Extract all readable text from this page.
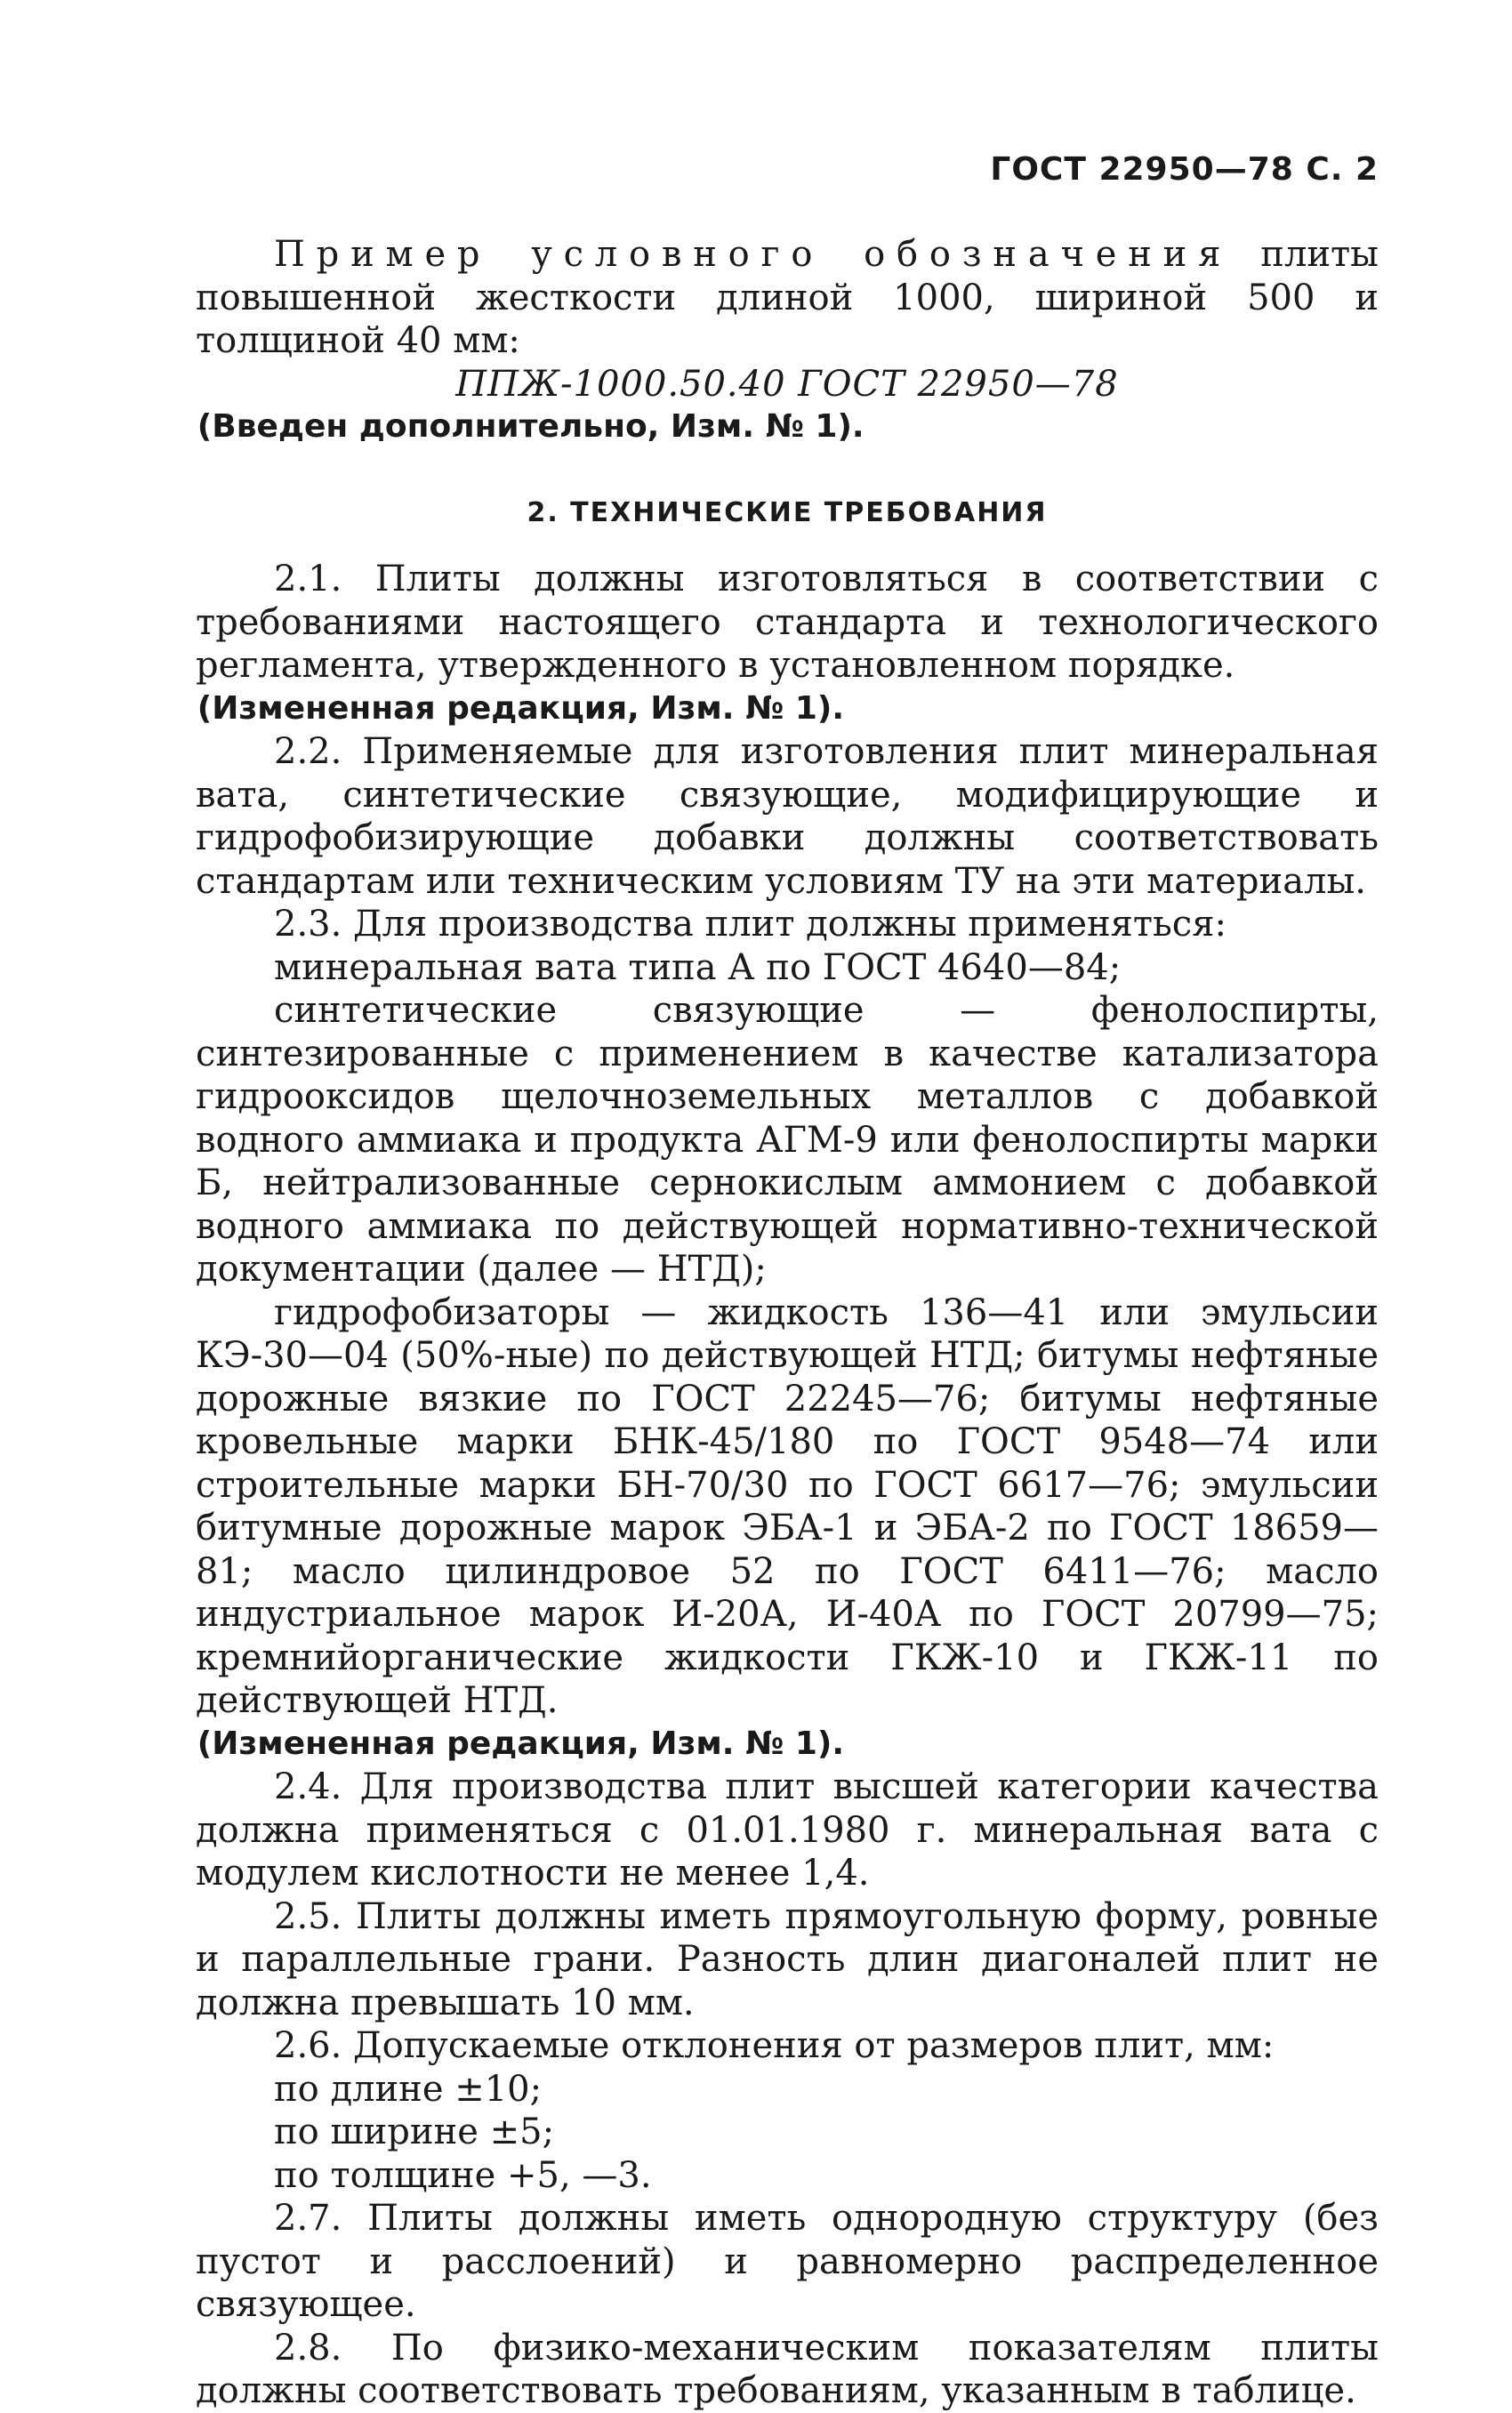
ГОСТ 22950—78 С. 2

Пример условного обозначения плиты повышенной жесткости длиной 1000, шириной 500 и толщиной 40 мм:

ППЖ-1000.50.40 ГОСТ 22950—78

(Введен дополнительно, Изм. № 1).

2. ТЕХНИЧЕСКИЕ ТРЕБОВАНИЯ

2.1. Плиты должны изготовляться в соответствии с требованиями настоящего стандарта и технологического регламента, утвержденного в установленном порядке.

(Измененная редакция, Изм. № 1).

2.2. Применяемые для изготовления плит минеральная вата, синтетические связующие, модифицирующие и гидрофобизирующие добавки должны соответствовать стандартам или техническим условиям ТУ на эти материалы.

2.3. Для производства плит должны применяться:

минеральная вата типа А по ГОСТ 4640—84;

синтетические связующие — фенолоспирты, синтезированные с применением в качестве катализатора гидрооксидов щелочноземельных металлов с добавкой водного аммиака и продукта АГМ-9 или фенолоспирты марки Б, нейтрализованные сернокислым аммонием с добавкой водного аммиака по действующей нормативно-технической документации (далее — НТД);

гидрофобизаторы — жидкость 136—41 или эмульсии КЭ-30—04 (50%-ные) по действующей НТД; битумы нефтяные дорожные вязкие по ГОСТ 22245—76; битумы нефтяные кровельные марки БНК-45/180 по ГОСТ 9548—74 или строительные марки БН-70/30 по ГОСТ 6617—76; эмульсии битумные дорожные марок ЭБА-1 и ЭБА-2 по ГОСТ 18659—81; масло цилиндровое 52 по ГОСТ 6411—76; масло индустриальное марок И-20А, И-40А по ГОСТ 20799—75; кремнийорганические жидкости ГКЖ-10 и ГКЖ-11 по действующей НТД.

(Измененная редакция, Изм. № 1).

2.4. Для производства плит высшей категории качества должна применяться с 01.01.1980 г. минеральная вата с модулем кислотности не менее 1,4.

2.5. Плиты должны иметь прямоугольную форму, ровные и параллельные грани. Разность длин диагоналей плит не должна превышать 10 мм.

2.6. Допускаемые отклонения от размеров плит, мм:

по длине ±10;

по ширине ±5;

по толщине +5, —3.

2.7. Плиты должны иметь однородную структуру (без пустот и расслоений) и равномерно распределенное связующее.

2.8. По физико-механическим показателям плиты должны соответствовать требованиям, указанным в таблице.
